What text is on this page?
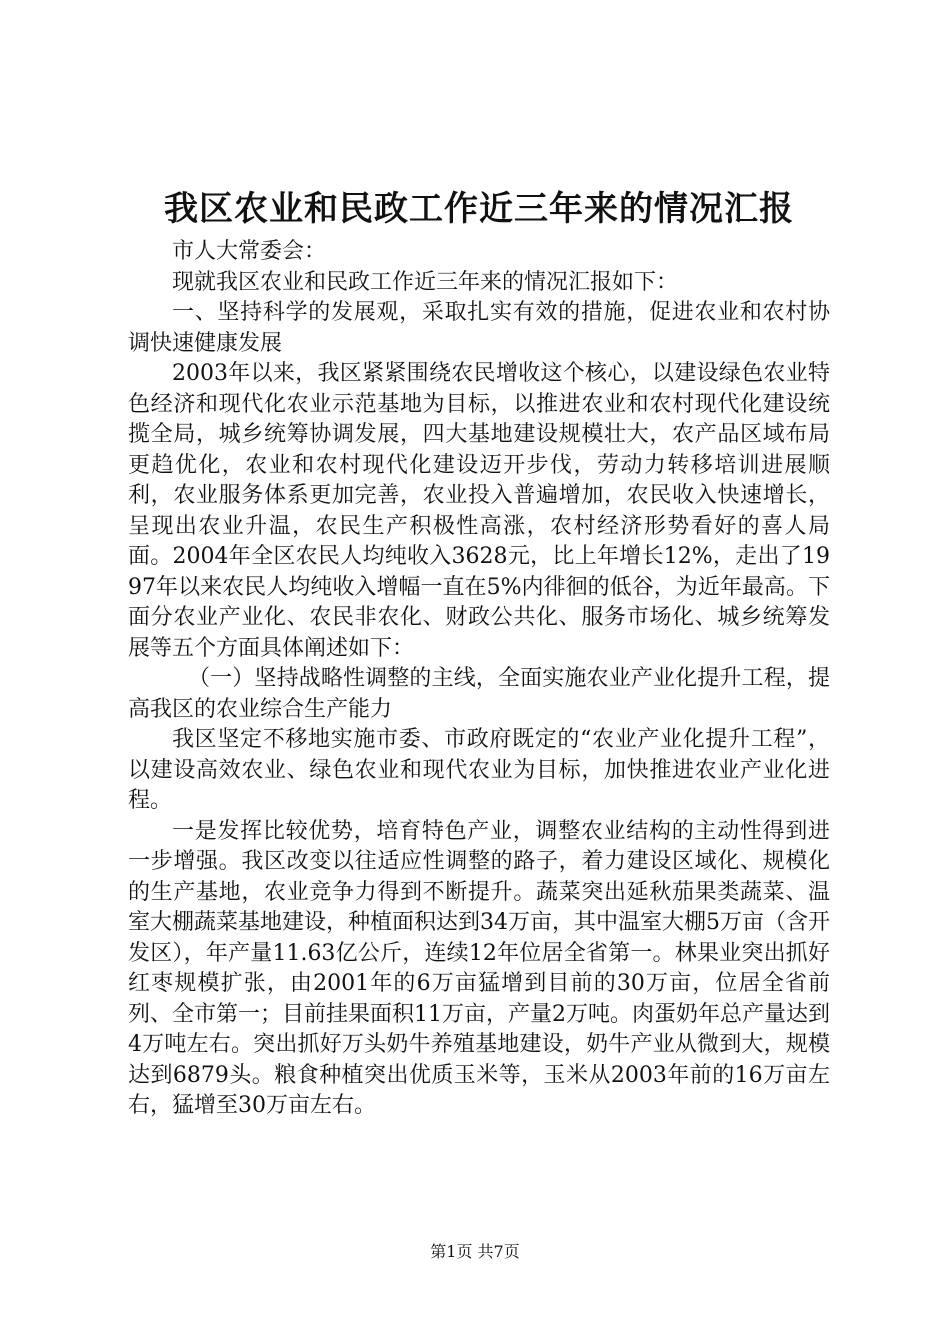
我区农业和民政工作近三年来的情况汇报

市人大常委会：

现就我区农业和民政工作近三年来的情况汇报如下：

一、坚持科学的发展观，采取扎实有效的措施，促进农业和农村协调快速健康发展

2003年以来，我区紧紧围绕农民增收这个核心，以建设绿色农业特色经济和现代化农业示范基地为目标，以推进农业和农村现代化建设统揽全局，城乡统筹协调发展，四大基地建设规模壮大，农产品区域布局更趋优化，农业和农村现代化建设迈开步伐，劳动力转移培训进展顺利，农业服务体系更加完善，农业投入普遍增加，农民收入快速增长，呈现出农业升温，农民生产积极性高涨，农村经济形势看好的喜人局面。2004年全区农民人均纯收入3628元，比上年增长12%，走出了1997年以来农民人均纯收入增幅一直在5%内徘徊的低谷，为近年最高。下面分农业产业化、农民非农化、财政公共化、服务市场化、城乡统筹发展等五个方面具体阐述如下：

（一）坚持战略性调整的主线，全面实施农业产业化提升工程，提高我区的农业综合生产能力

我区坚定不移地实施市委、市政府既定的“农业产业化提升工程”，以建设高效农业、绿色农业和现代农业为目标，加快推进农业产业化进程。

一是发挥比较优势，培育特色产业，调整农业结构的主动性得到进一步增强。我区改变以往适应性调整的路子，着力建设区域化、规模化的生产基地，农业竞争力得到不断提升。蔬菜突出延秋茄果类蔬菜、温室大棚蔬菜基地建设，种植面积达到34万亩，其中温室大棚5万亩（含开发区），年产量11.63亿公斤，连续12年位居全省第一。林果业突出抓好红枣规模扩张，由2001年的6万亩猛增到目前的30万亩，位居全省前列、全市第一；目前挂果面积11万亩，产量2万吨。肉蛋奶年总产量达到4万吨左右。突出抓好万头奶牛养殖基地建设，奶牛产业从微到大，规模达到6879头。粮食种植突出优质玉米等，玉米从2003年前的16万亩左右，猛增至30万亩左右。

第1页 共7页
